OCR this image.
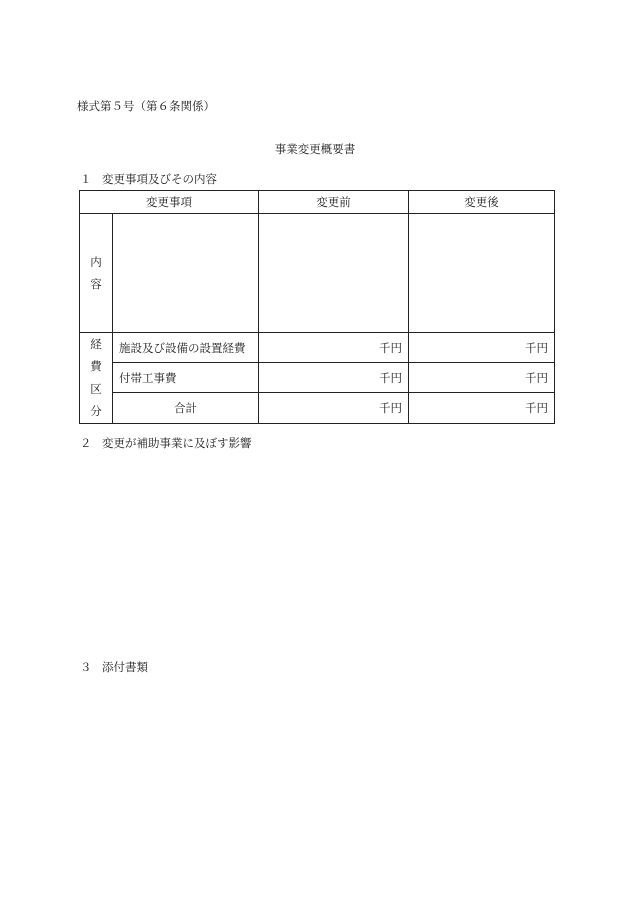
様式第５号（第６条関係）
事業変更概要書
１ 変更事項及びその内容
変更事項		変更前	変更後

内
容			

経
費
区
分	施設及び設備の設置経費	千円	千円
	付帯工事費	千円	千円
	合計	千円	千円
２ 変更が補助事業に及ぼす影響
３ 添付書類
